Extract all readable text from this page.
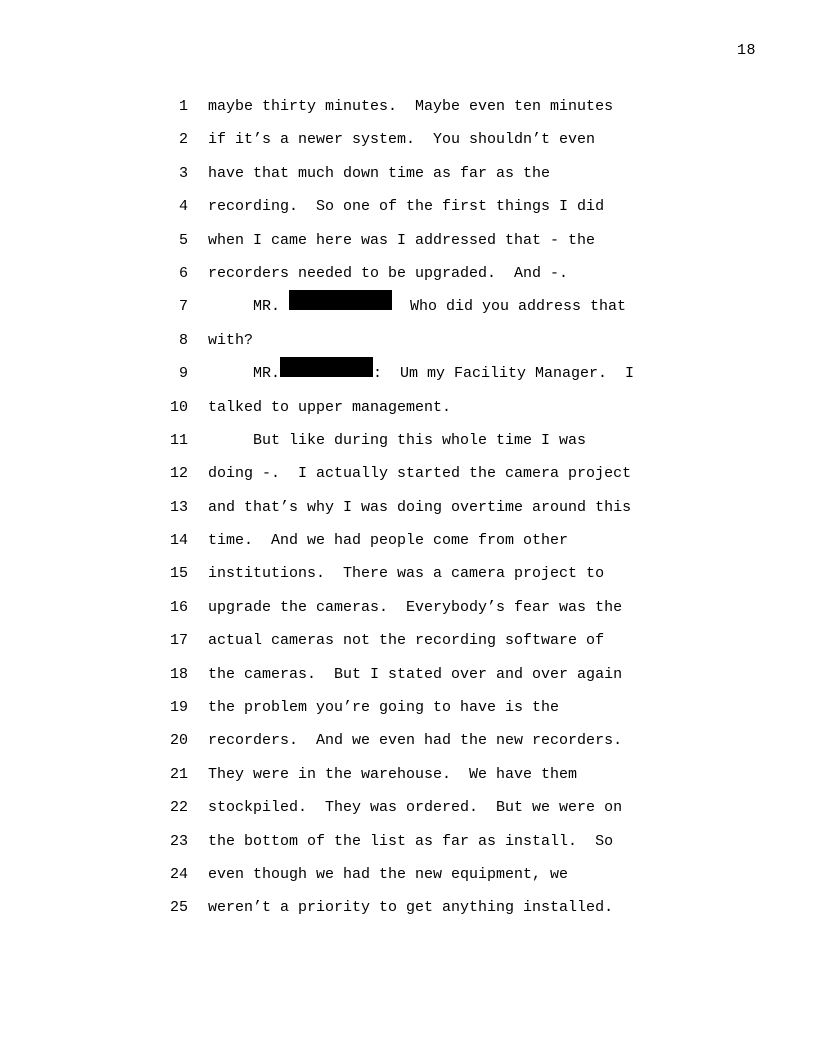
18
1 maybe thirty minutes.  Maybe even ten minutes
2 if it’s a newer system.  You shouldn’t even
3 have that much down time as far as the
4 recording.  So one of the first things I did
5 when I came here was I addressed that - the
6 recorders needed to be upgraded.  And -.
7 MR.	Who did you address that
8 with?
9 MR.	:  Um my Facility Manager.  I
10 talked to upper management.
11 But like during this whole time I was
12 doing -.  I actually started the camera project
13 and that’s why I was doing overtime around this
14 time.  And we had people come from other
15 institutions.  There was a camera project to
16 upgrade the cameras.  Everybody’s fear was the
17 actual cameras not the recording software of
18 the cameras.  But I stated over and over again
19 the problem you’re going to have is the
20 recorders.  And we even had the new recorders.
21 They were in the warehouse.  We have them
22 stockpiled.  They was ordered.  But we were on
23 the bottom of the list as far as install.  So
24 even though we had the new equipment, we
25 weren’t a priority to get anything installed.
